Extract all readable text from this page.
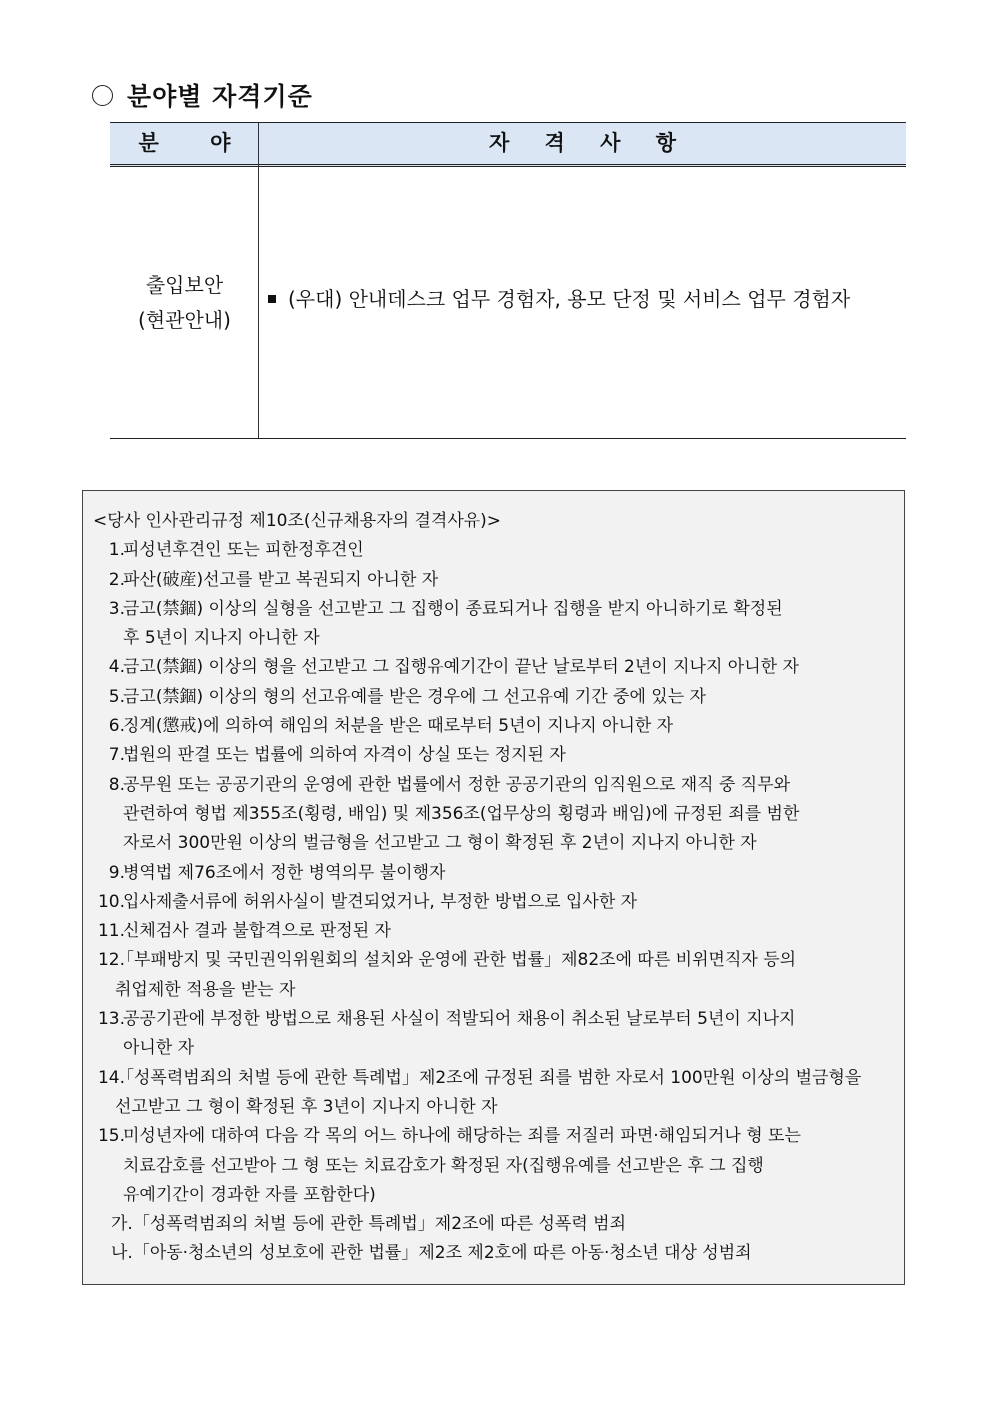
분야별 자격기준
분 야	자 격 사 항
출입보안
(현관안내)
(우대) 안내데스크 업무 경험자, 용모 단정 및 서비스 업무 경험자
<당사 인사관리규정 제10조(신규채용자의 결격사유)>
1.
피성년후견인 또는 피한정후견인
2.
파산(破産)선고를 받고 복권되지 아니한 자
3.
금고(禁錮) 이상의 실형을 선고받고 그 집행이 종료되거나 집행을 받지 아니하기로 확정된
후 5년이 지나지 아니한 자
4.
금고(禁錮) 이상의 형을 선고받고 그 집행유예기간이 끝난 날로부터 2년이 지나지 아니한 자
5.
금고(禁錮) 이상의 형의 선고유예를 받은 경우에 그 선고유예 기간 중에 있는 자
6.
징계(懲戒)에 의하여 해임의 처분을 받은 때로부터 5년이 지나지 아니한 자
7.
법원의 판결 또는 법률에 의하여 자격이 상실 또는 정지된 자
8.
공무원 또는 공공기관의 운영에 관한 법률에서 정한 공공기관의 임직원으로 재직 중 직무와
관련하여 형법 제355조(횡령, 배임) 및 제356조(업무상의 횡령과 배임)에 규정된 죄를 범한
자로서 300만원 이상의 벌금형을 선고받고 그 형이 확정된 후 2년이 지나지 아니한 자
9.
병역법 제76조에서 정한 병역의무 불이행자
10.
입사제출서류에 허위사실이 발견되었거나, 부정한 방법으로 입사한 자
11.
신체검사 결과 불합격으로 판정된 자
12.
「부패방지 및 국민권익위원회의 설치와 운영에 관한 법률」제82조에 따른 비위면직자 등의
취업제한 적용을 받는 자
13.
공공기관에 부정한 방법으로 채용된 사실이 적발되어 채용이 취소된 날로부터 5년이 지나지
아니한 자
14.
「성폭력범죄의 처벌 등에 관한 특례법」제2조에 규정된 죄를 범한 자로서 100만원 이상의 벌금형을
선고받고 그 형이 확정된 후 3년이 지나지 아니한 자
15.
미성년자에 대하여 다음 각 목의 어느 하나에 해당하는 죄를 저질러 파면·해임되거나 형 또는
치료감호를 선고받아 그 형 또는 치료감호가 확정된 자(집행유예를 선고받은 후 그 집행
유예기간이 경과한 자를 포함한다)
가.「성폭력범죄의 처벌 등에 관한 특례법」제2조에 따른 성폭력 범죄
나.「아동·청소년의 성보호에 관한 법률」제2조 제2호에 따른 아동·청소년 대상 성범죄
